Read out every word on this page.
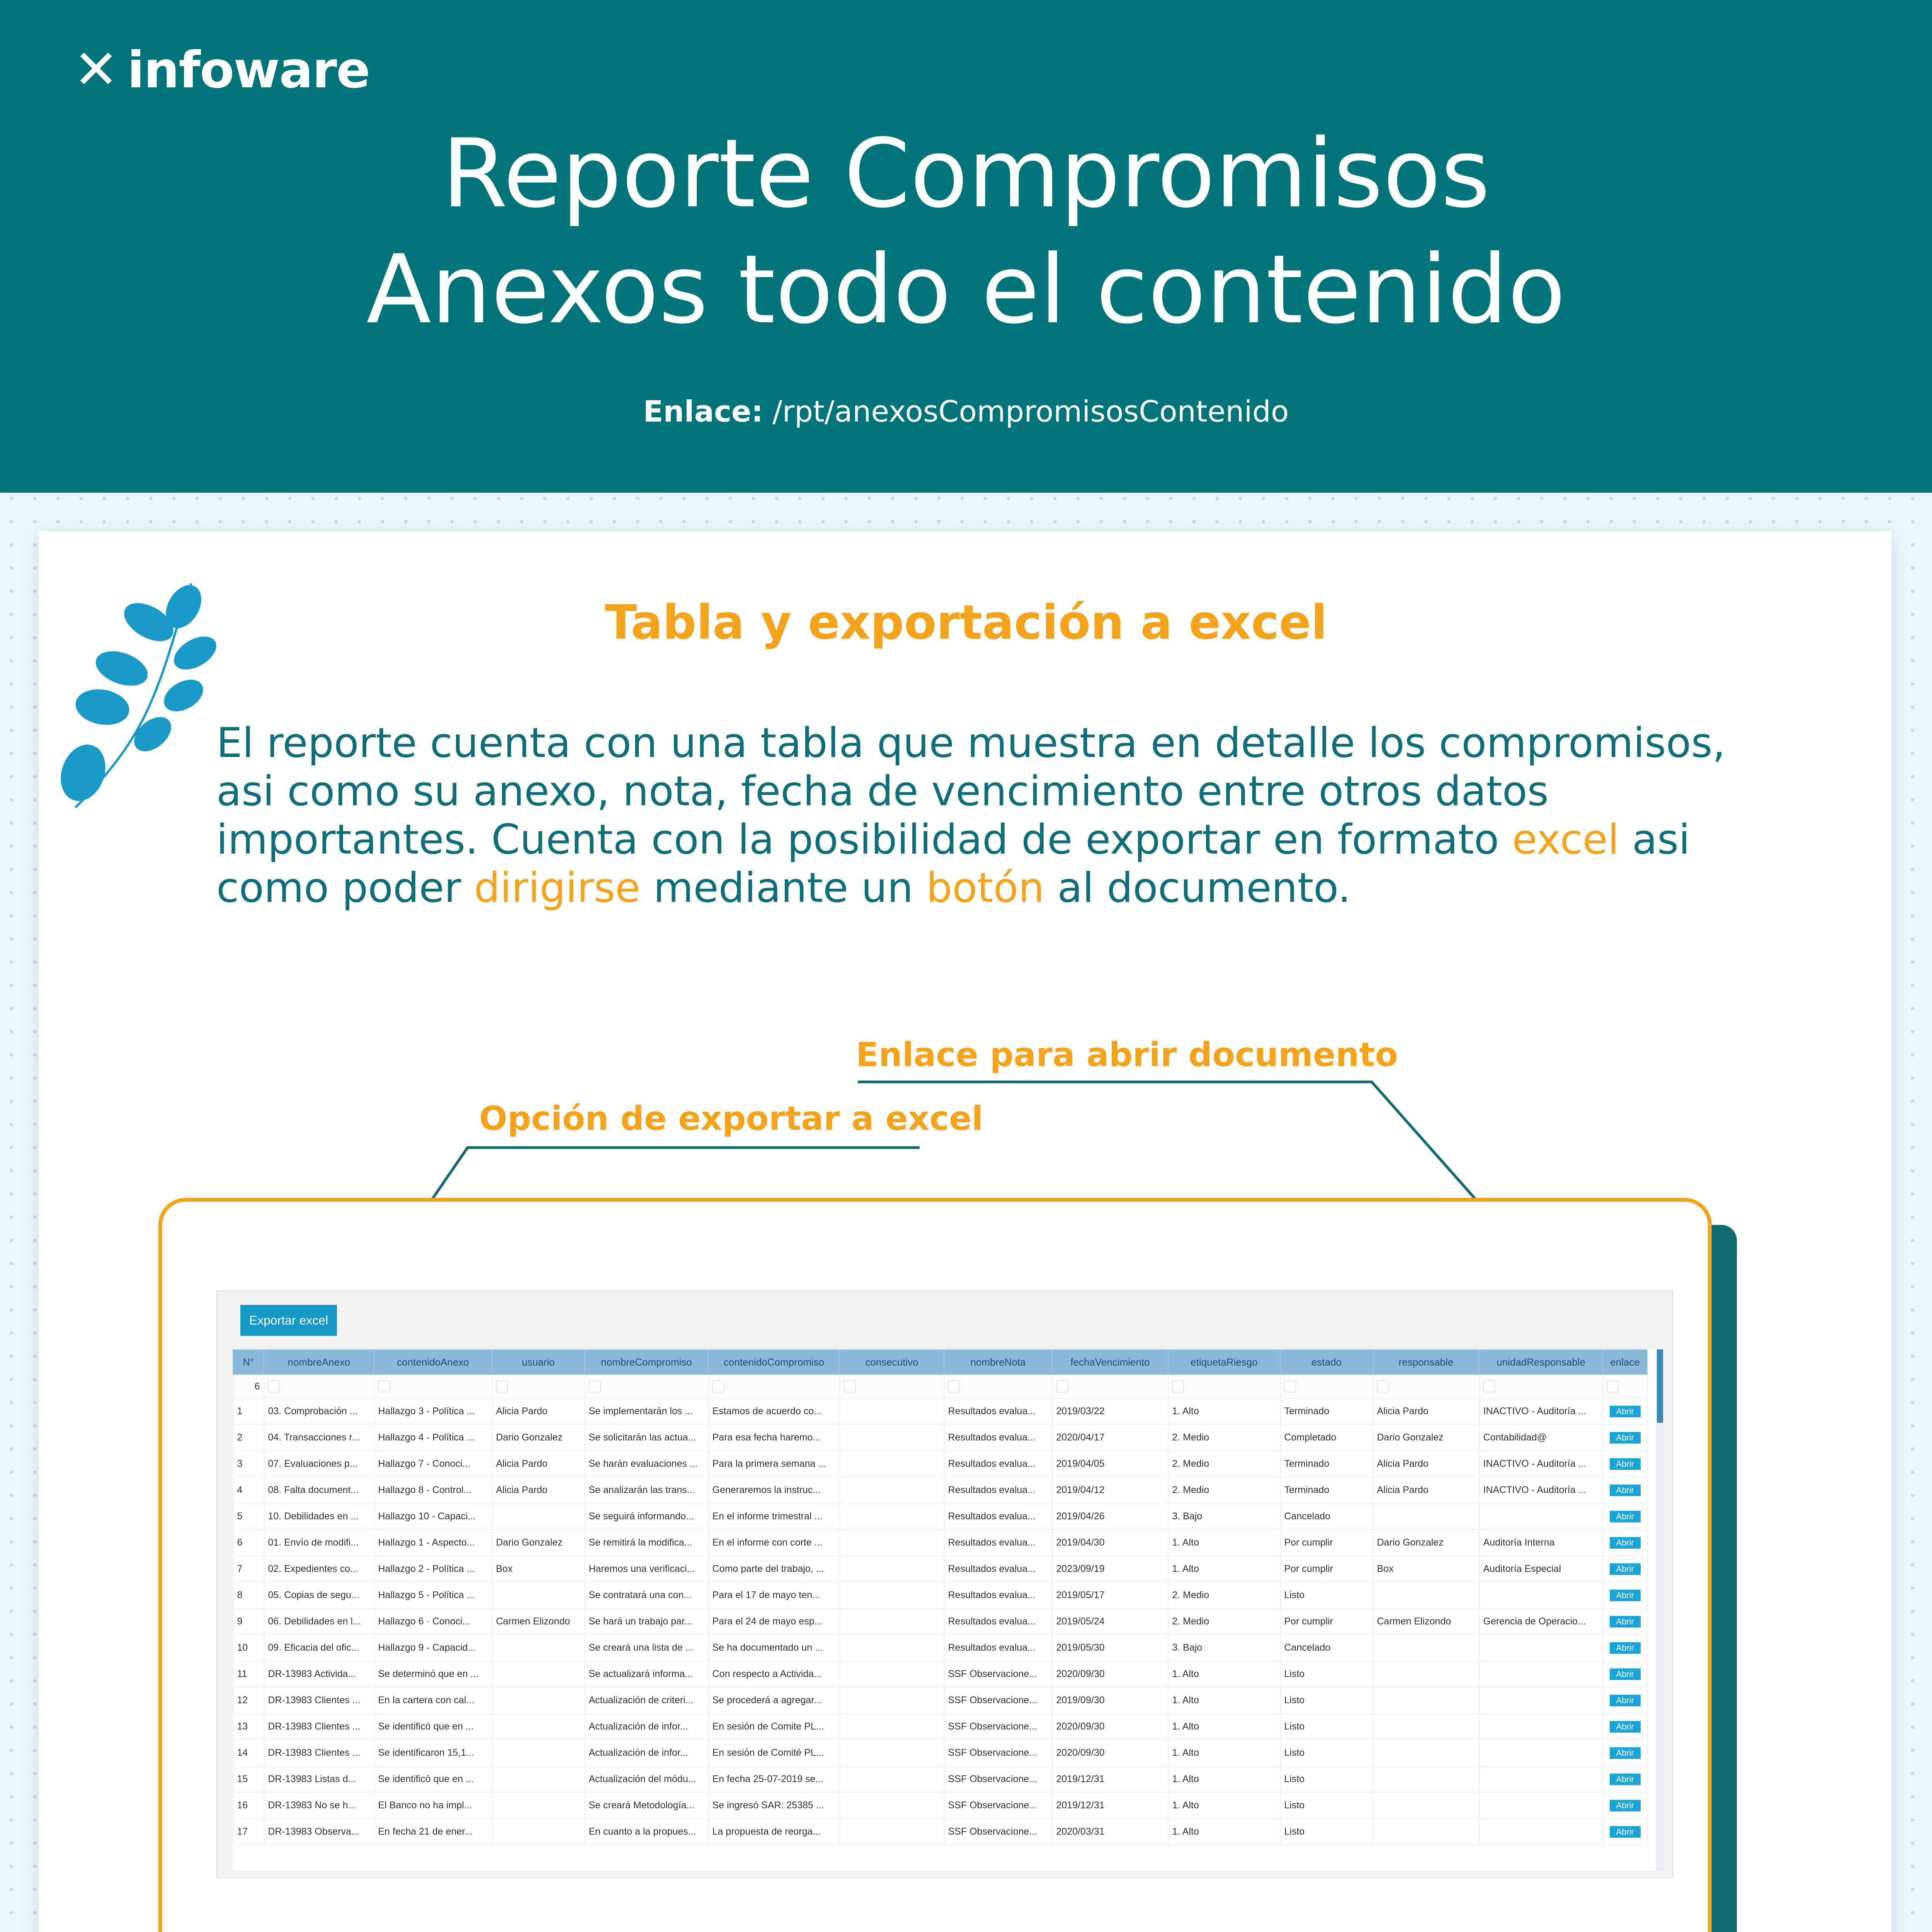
✕ infoware
Reporte Compromisos
Anexos todo el contenido
Enlace: /rpt/anexosCompromisosContenido
Tabla y exportación a excel
El reporte cuenta con una tabla que muestra en detalle los compromisos, asi como su anexo, nota, fecha de vencimiento entre otros datos importantes. Cuenta con la posibilidad de exportar en formato excel asi como poder dirigirse mediante un botón al documento.
Enlace para abrir documento
Opción de exportar a excel
Exportar excel
N°	nombreAnexo	contenidoAnexo	usuario	nombreCompromiso	contenidoCompromiso	consecutivo	nombreNota	fechaVencimiento	etiquetaRiesgo	estado	responsable	unidadResponsable	enlace
6													
1	03. Comprobación ...	Hallazgo 3 - Política ...	Alicia Pardo	Se implementarán los ...	Estamos de acuerdo co...		Resultados evalua...	2019/03/22	1. Alto	Terminado	Alicia Pardo	INACTIVO - Auditoría ...	Abrir
2	04. Transacciones r...	Hallazgo 4 - Política ...	Dario Gonzalez	Se solicitarán las actua...	Para esa fecha haremo...		Resultados evalua...	2020/04/17	2. Medio	Completado	Dario Gonzalez	Contabilidad@	Abrir
3	07. Evaluaciones p...	Hallazgo 7 - Conoci...	Alicia Pardo	Se harán evaluaciones ...	Para la primera semana ...		Resultados evalua...	2019/04/05	2. Medio	Terminado	Alicia Pardo	INACTIVO - Auditoría ...	Abrir
4	08. Falta document...	Hallazgo 8 - Control...	Alicia Pardo	Se analizarán las trans...	Generaremos la instruc...		Resultados evalua...	2019/04/12	2. Medio	Terminado	Alicia Pardo	INACTIVO - Auditoría ...	Abrir
5	10. Debilidades en ...	Hallazgo 10 - Capaci...		Se seguirá informando...	En el informe trimestral ...		Resultados evalua...	2019/04/26	3. Bajo	Cancelado			Abrir
6	01. Envío de modifi...	Hallazgo 1 - Aspecto...	Dario Gonzalez	Se remitirá la modifica...	En el informe con corte ...		Resultados evalua...	2019/04/30	1. Alto	Por cumplir	Dario Gonzalez	Auditoría Interna	Abrir
7	02. Expedientes co...	Hallazgo 2 - Política ...	Box	Haremos una verificaci...	Como parte del trabajo, ...		Resultados evalua...	2023/09/19	1. Alto	Por cumplir	Box	Auditoría Especial	Abrir
8	05. Copias de segu...	Hallazgo 5 - Política ...		Se contratará una con...	Para el 17 de mayo ten...		Resultados evalua...	2019/05/17	2. Medio	Listo			Abrir
9	06. Debilidades en l...	Hallazgo 6 · Conoci...	Carmen Elizondo	Se hará un trabajo par...	Para el 24 de mayo esp...		Resultados evalua...	2019/05/24	2. Medio	Por cumplir	Carmen Elizondo	Gerencia de Operacio...	Abrir
10	09. Eficacia del ofic...	Hallazgo 9 - Capacid...		Se creará una lista de ...	Se ha documentado un ...		Resultados evalua...	2019/05/30	3. Bajo	Cancelado			Abrir
11	DR-13983 Activida...	Se determinó que en ...		Se actualizará informa...	Con respecto a Activida...		SSF Observacione...	2020/09/30	1. Alto	Listo			Abrir
12	DR-13983 Clientes ...	En la cartera con cal...		Actualización de criteri...	Se procederá a agregar...		SSF Observacione...	2019/09/30	1. Alto	Listo			Abrir
13	DR-13983 Clientes ...	Se identificó que en ...		Actualización de infor...	En sesión de Comite PL...		SSF Observacione...	2020/09/30	1. Alto	Listo			Abrir
14	DR-13983 Clientes ...	Se identificaron 15,1...		Actualización de infor...	En sesión de Comité PL...		SSF Observacione...	2020/09/30	1. Alto	Listo			Abrir
15	DR-13983 Listas d...	Se identificó que en ...		Actualización del módu...	En fecha 25-07-2019 se...		SSF Observacione...	2019/12/31	1. Alto	Listo			Abrir
16	DR-13983 No se h...	El Banco no ha impl...		Se creará Metodología...	Se ingresó SAR: 25385 ...		SSF Observacione...	2019/12/31	1. Alto	Listo			Abrir
17	DR-13983 Observa...	En fecha 21 de ener...		En cuanto a la propues...	La propuesta de reorga...		SSF Observacione...	2020/03/31	1. Alto	Listo			Abrir
